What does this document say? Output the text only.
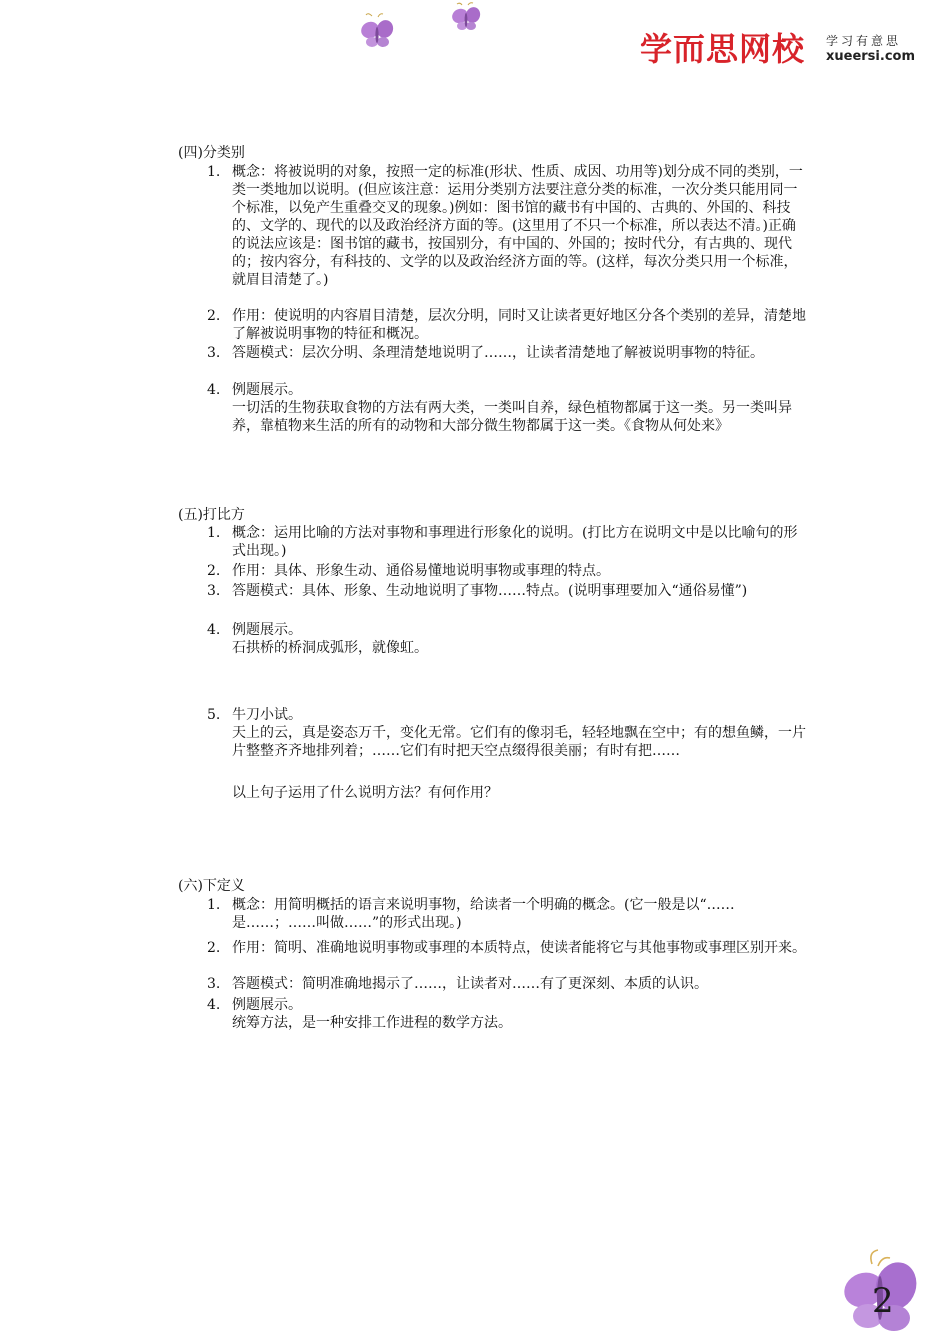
学而思网校 学习有意思
xueersi.com
(四)分类别
1. 概念：将被说明的对象，按照一定的标准(形状、性质、成因、功用等)划分成不同的类别，一类一类地加以说明。(但应该注意：运用分类别方法要注意分类的标准，一次分类只能用同一个标准，以免产生重叠交叉的现象。)例如：图书馆的藏书有中国的、古典的、外国的、科技的、文学的、现代的以及政治经济方面的等。(这里用了不只一个标准，所以表达不清。)正确的说法应该是：图书馆的藏书，按国别分，有中国的、外国的；按时代分，有古典的、现代的；按内容分，有科技的、文学的以及政治经济方面的等。(这样，每次分类只用一个标准，就眉目清楚了。)
2. 作用：使说明的内容眉目清楚，层次分明，同时又让读者更好地区分各个类别的差异，清楚地了解被说明事物的特征和概况。
3. 答题模式：层次分明、条理清楚地说明了……，让读者清楚地了解被说明事物的特征。
4. 例题展示。
一切活的生物获取食物的方法有两大类，一类叫自养，绿色植物都属于这一类。另一类叫异养，靠植物来生活的所有的动物和大部分微生物都属于这一类。《食物从何处来》
(五)打比方
1. 概念：运用比喻的方法对事物和事理进行形象化的说明。(打比方在说明文中是以比喻句的形式出现。)
2. 作用：具体、形象生动、通俗易懂地说明事物或事理的特点。
3. 答题模式：具体、形象、生动地说明了事物……特点。(说明事理要加入“通俗易懂”)
4. 例题展示。
石拱桥的桥洞成弧形，就像虹。
5. 牛刀小试。
天上的云，真是姿态万千，变化无常。它们有的像羽毛，轻轻地飘在空中；有的想鱼鳞，一片片整整齐齐地排列着；……它们有时把天空点缀得很美丽；有时有把……
以上句子运用了什么说明方法？有何作用？
(六)下定义
1. 概念：用简明概括的语言来说明事物，给读者一个明确的概念。(它一般是以“……是……；……叫做……”的形式出现。)
2. 作用：简明、准确地说明事物或事理的本质特点，使读者能将它与其他事物或事理区别开来。
3. 答题模式：简明准确地揭示了……，让读者对……有了更深刻、本质的认识。
4. 例题展示。
统筹方法，是一种安排工作进程的数学方法。
2
